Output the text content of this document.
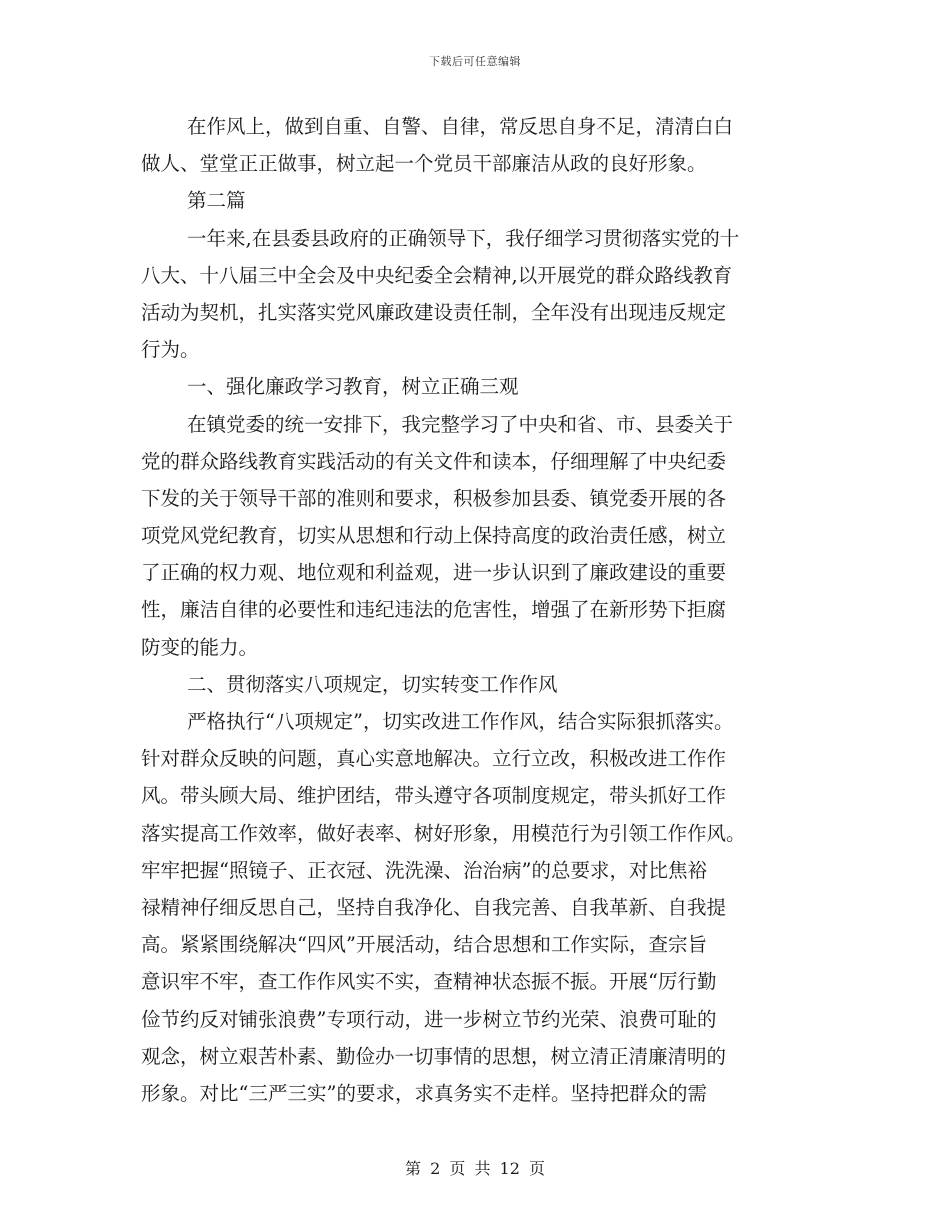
下载后可任意编辑
在作风上，做到自重、自警、自律，常反思自身不足，清清白白
做人、堂堂正正做事，树立起一个党员干部廉洁从政的良好形象。
第二篇
一年来,在县委县政府的正确领导下，我仔细学习贯彻落实党的十
八大、十八届三中全会及中央纪委全会精神,以开展党的群众路线教育
活动为契机，扎实落实党风廉政建设责任制，全年没有出现违反规定
行为。
一、强化廉政学习教育，树立正确三观
在镇党委的统一安排下，我完整学习了中央和省、市、县委关于
党的群众路线教育实践活动的有关文件和读本，仔细理解了中央纪委
下发的关于领导干部的准则和要求，积极参加县委、镇党委开展的各
项党风党纪教育，切实从思想和行动上保持高度的政治责任感，树立
了正确的权力观、地位观和利益观，进一步认识到了廉政建设的重要
性，廉洁自律的必要性和违纪违法的危害性，增强了在新形势下拒腐
防变的能力。
二、贯彻落实八项规定，切实转变工作作风
严格执行“八项规定”，切实改进工作作风，结合实际狠抓落实。
针对群众反映的问题，真心实意地解决。立行立改，积极改进工作作
风。带头顾大局、维护团结，带头遵守各项制度规定，带头抓好工作
落实提高工作效率，做好表率、树好形象，用模范行为引领工作作风。
牢牢把握“照镜子、正衣冠、洗洗澡、治治病”的总要求，对比焦裕
禄精神仔细反思自己，坚持自我净化、自我完善、自我革新、自我提
高。紧紧围绕解决“四风”开展活动，结合思想和工作实际，查宗旨
意识牢不牢，查工作作风实不实，查精神状态振不振。开展“厉行勤
俭节约反对铺张浪费”专项行动，进一步树立节约光荣、浪费可耻的
观念，树立艰苦朴素、勤俭办一切事情的思想，树立清正清廉清明的
形象。对比“三严三实”的要求，求真务实不走样。坚持把群众的需
第 2 页 共 12 页
